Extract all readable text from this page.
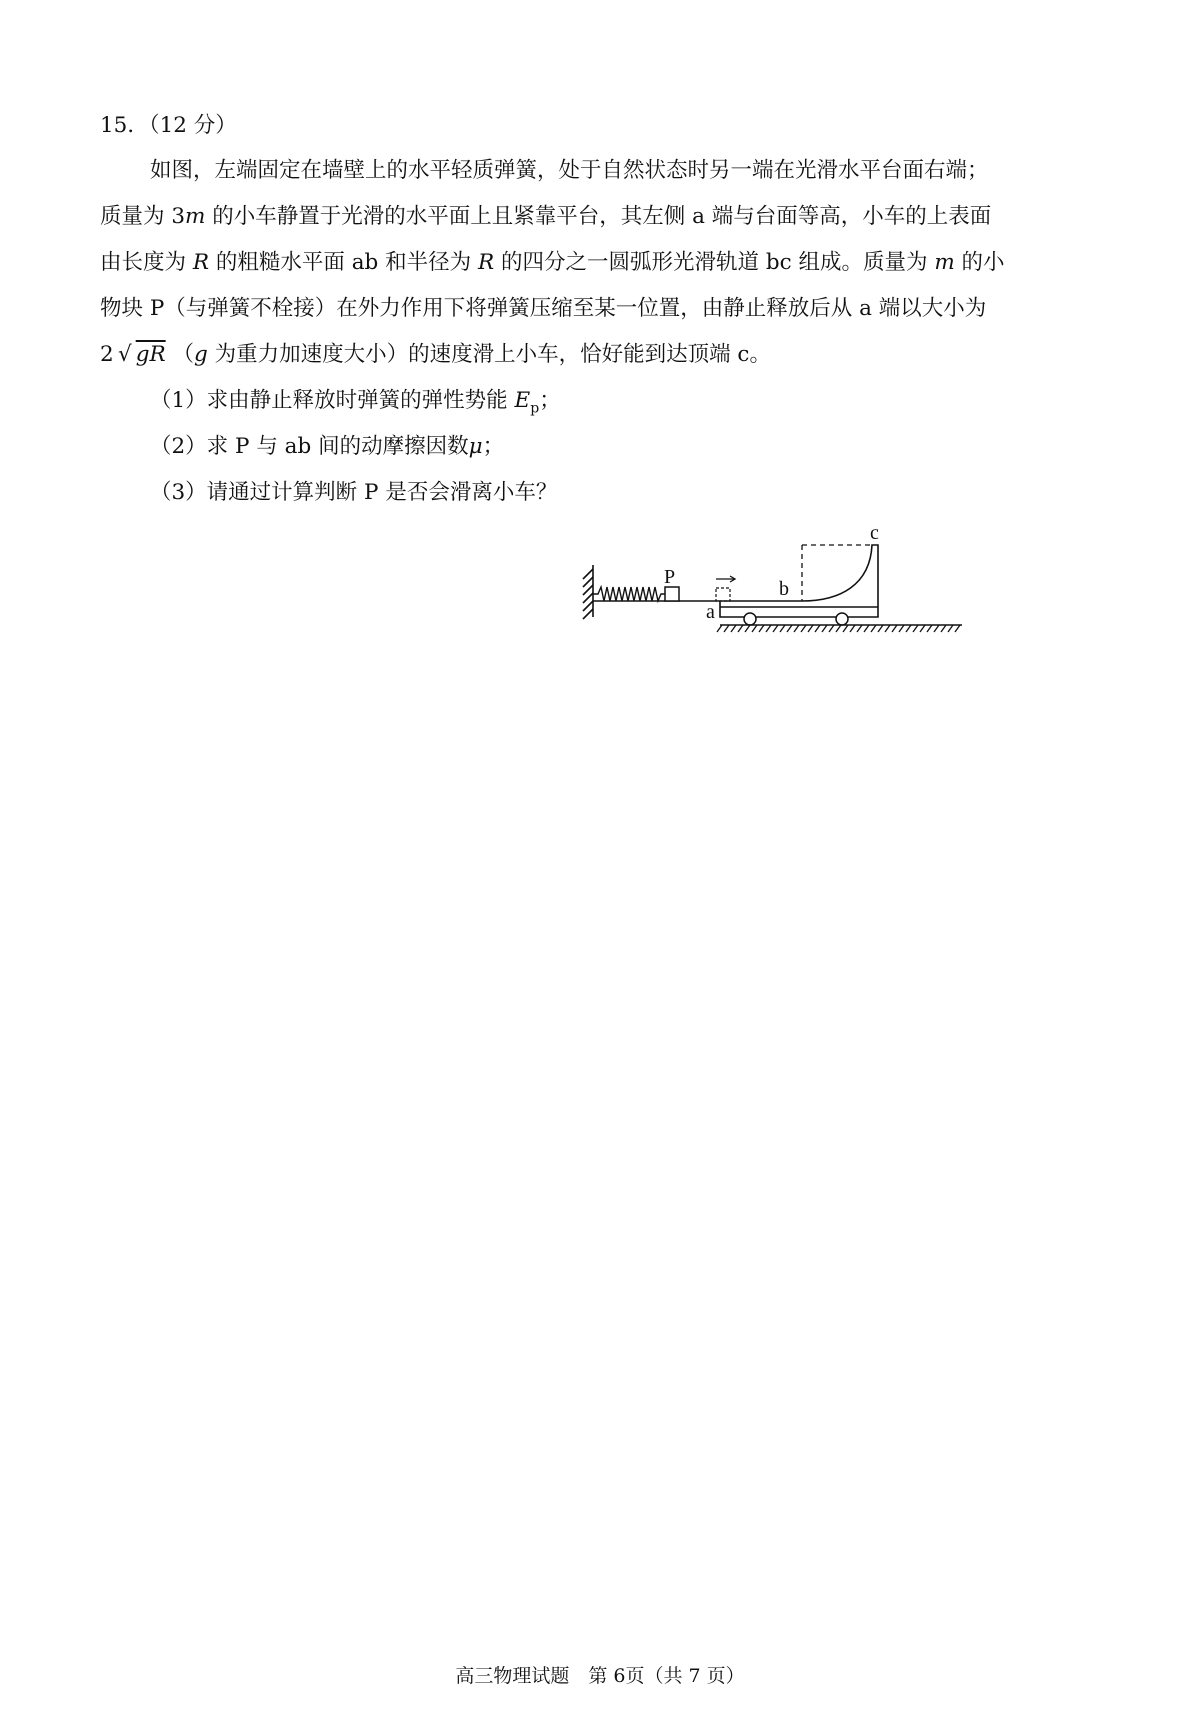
15．（12 分）
如图，左端固定在墙壁上的水平轻质弹簧，处于自然状态时另一端在光滑水平台面右端；
质量为 3m 的小车静置于光滑的水平面上且紧靠平台，其左侧 a 端与台面等高，小车的上表面
由长度为 R 的粗糙水平面 ab 和半径为 R 的四分之一圆弧形光滑轨道 bc 组成。质量为 m 的小
物块 P（与弹簧不栓接）在外力作用下将弹簧压缩至某一位置，由静止释放后从 a 端以大小为
2  √ gR （g 为重力加速度大小）的速度滑上小车，恰好能到达顶端 c。
（1）求由静止释放时弹簧的弹性势能 $E_p$；
（2）求 P 与 ab 间的动摩擦因数μ；
（3）请通过计算判断 P 是否会滑离小车？
P
a
b
c
高三物理试题　第 6页（共 7 页）
